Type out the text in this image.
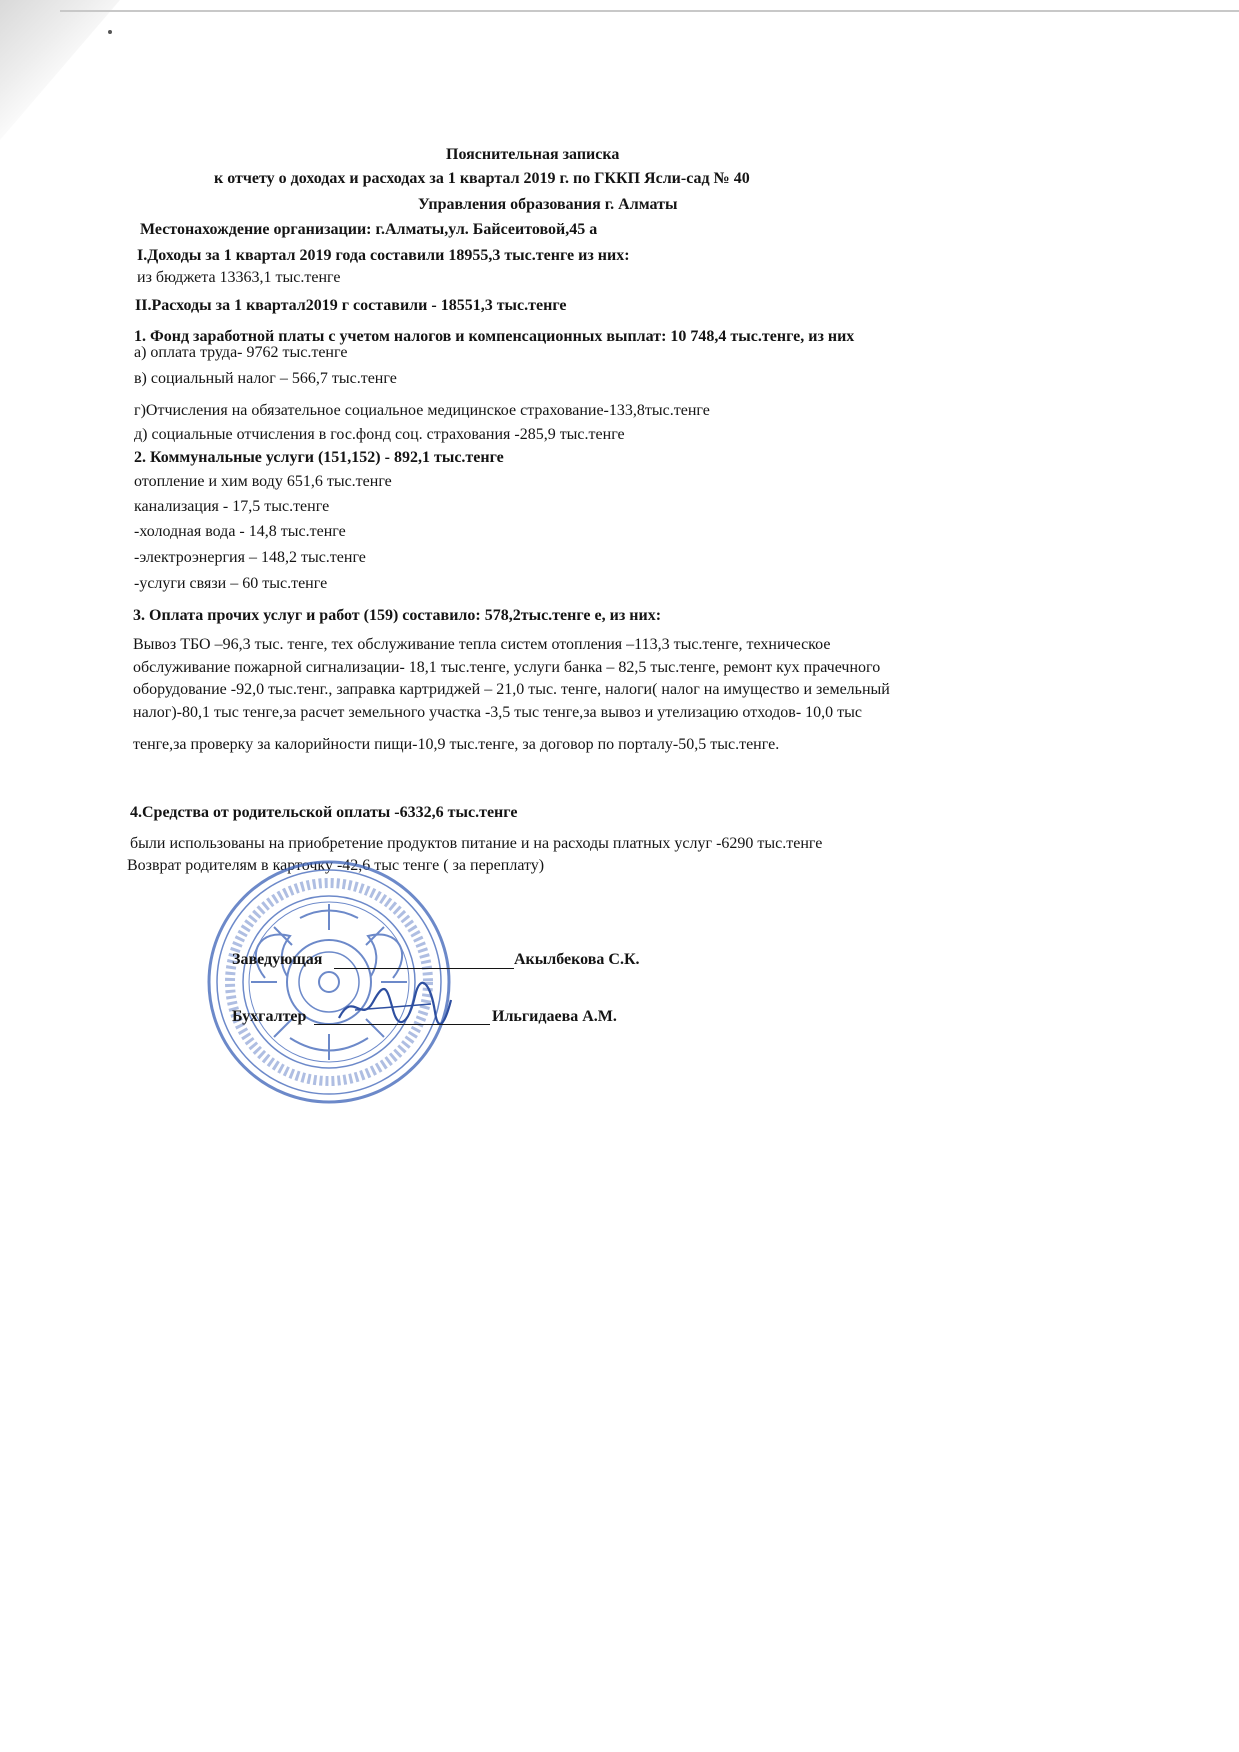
Пояснительная записка
к отчету о доходах и расходах за 1 квартал 2019 г. по ГККП Ясли-сад № 40
Управления образования г. Алматы
Местонахождение организации: г.Алматы,ул. Байсеитовой,45 а
I.Доходы за 1 квартал 2019 года составили 18955,3 тыс.тенге из них:
из бюджета 13363,1 тыс.тенге
II.Расходы за 1 квартал2019 г составили - 18551,3 тыс.тенге
1. Фонд заработной платы с учетом налогов и компенсационных выплат: 10 748,4 тыс.тенге, из них
а) оплата труда- 9762 тыс.тенге
в) социальный налог – 566,7 тыс.тенге
г)Отчисления на обязательное социальное медицинское страхование-133,8тыс.тенге
д) социальные отчисления в гос.фонд соц. страхования -285,9 тыс.тенге
2. Коммунальные услуги (151,152) - 892,1 тыс.тенге
отопление и хим воду 651,6 тыс.тенге
канализация - 17,5 тыс.тенге
-холодная вода - 14,8 тыс.тенге
-электроэнергия – 148,2 тыс.тенге
-услуги связи – 60 тыс.тенге
3. Оплата прочих услуг и работ (159) составило: 578,2тыс.тенге е, из них:
Вывоз ТБО –96,3 тыс. тенге, тех обслуживание тепла систем отопления –113,3 тыс.тенге, техническое
обслуживание пожарной сигнализации- 18,1 тыс.тенге, услуги банка – 82,5 тыс.тенге, ремонт кух прачечного
оборудование -92,0 тыс.тенг., заправка картриджей – 21,0 тыс. тенге, налоги( налог на имущество и земельный
налог)-80,1 тыс тенге,за расчет земельного участка -3,5 тыс тенге,за вывоз и утелизацию отходов- 10,0 тыс
тенге,за проверку за калорийности пищи-10,9 тыс.тенге, за договор по порталу-50,5 тыс.тенге.
4.Средства от родительской оплаты -6332,6 тыс.тенге
были использованы на приобретение продуктов питание и на расходы платных услуг -6290 тыс.тенге
Возврат родителям в карточку -42,6 тыс тенге ( за переплату)
Заведующая	Акылбекова С.К.
Бухгалтер	Ильгидаева А.М.
